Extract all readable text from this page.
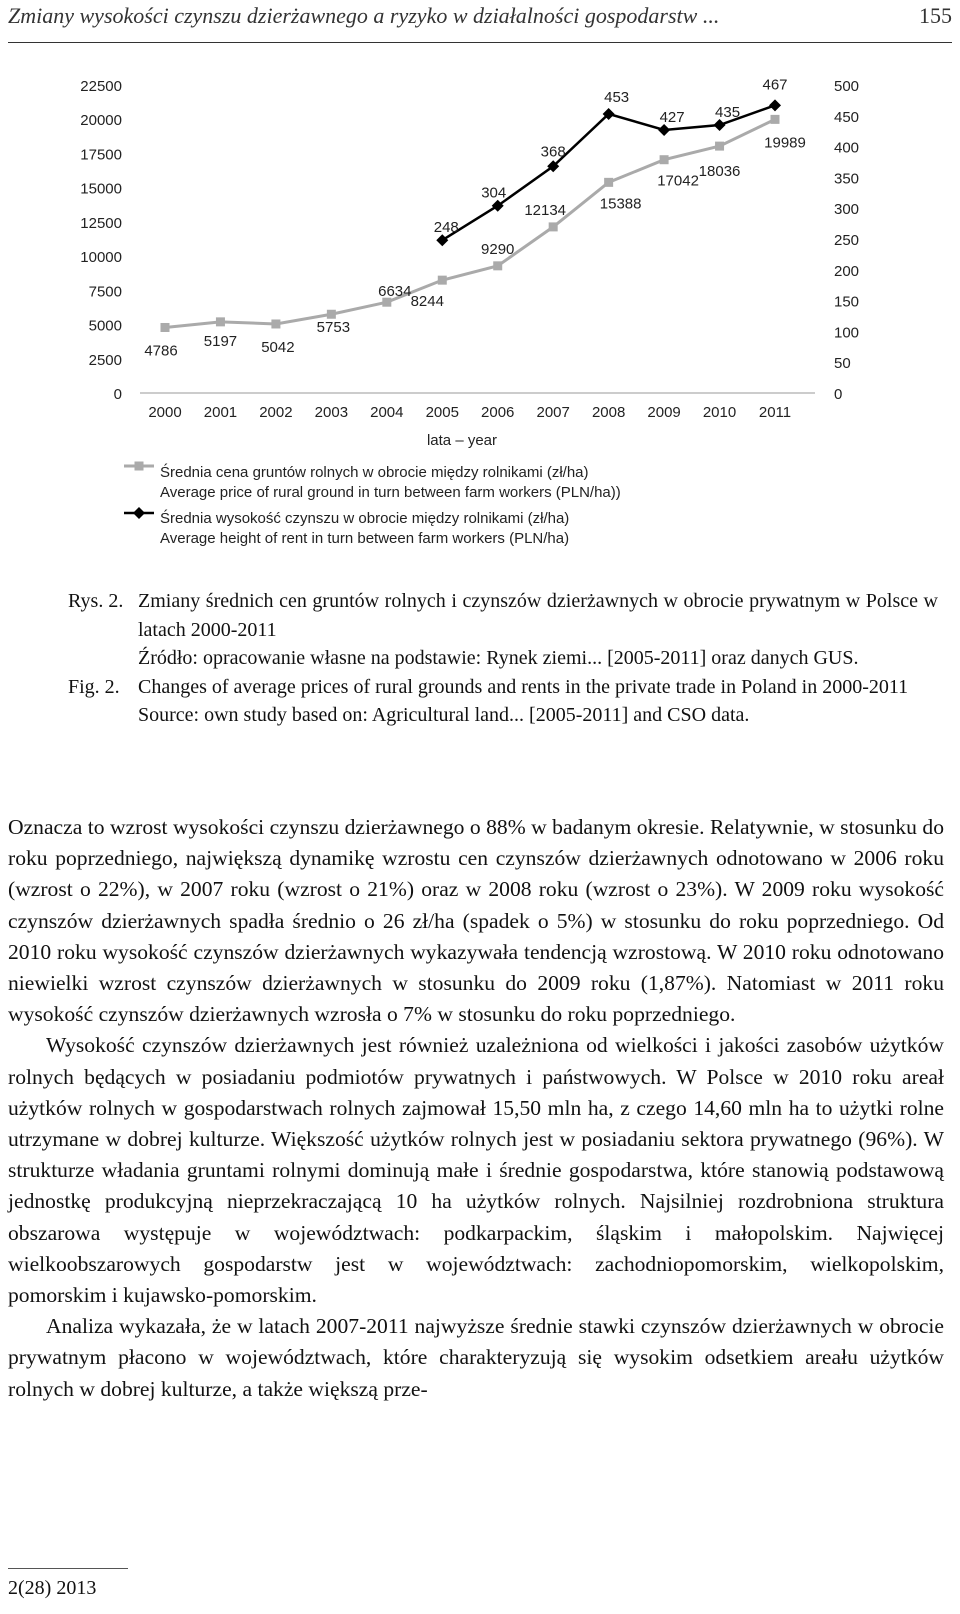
Zmiany wysokości czynszu dzierżawnego a ryzyko w działalności gospodarstw ...	155
0
2500
5000
7500
10000
12500
15000
17500
20000
22500
0
50
100
150
200
250
300
350
400
450
500
2000 2001 2002 2003 2004 2005 2006 2007 2008 2009 2010 2011
lata – year
4786
5197 5042
5753
6634
8244
9290
12134 15388
17042
18036
19989
248
304
368
453
427 435
467
Średnia cena gruntów rolnych w obrocie między rolnikami (zł/ha)
Average price of rural ground in turn between farm workers (PLN/ha))
Średnia wysokość czynszu w obrocie między rolnikami (zł/ha)
Average height of rent in turn between farm workers (PLN/ha)
Rys. 2. Zmiany średnich cen gruntów rolnych i czynszów dzierżawnych w obrocie prywatnym w Polsce w latach 2000-2011
Źródło: opracowanie własne na podstawie: Rynek ziemi... [2005-2011] oraz danych GUS.
Fig. 2. Changes of average prices of rural grounds and rents in the private trade in Poland in 2000-2011
Source: own study based on: Agricultural land... [2005-2011] and CSO data.

Oznacza to wzrost wysokości czynszu dzierżawnego o 88% w badanym okresie. Relatywnie, w stosunku do roku poprzedniego, największą dynamikę wzrostu cen czynszów dzierżawnych odnotowano w 2006 roku (wzrost o 22%), w 2007 roku (wzrost o 21%) oraz w 2008 roku (wzrost o 23%). W 2009 roku wysokość czynszów dzierżawnych spadła średnio o 26 zł/ha (spadek o 5%) w stosunku do roku poprzedniego. Od 2010 roku wysokość czynszów dzierżawnych wykazywała tendencją wzrostową. W 2010 roku odnotowano niewielki wzrost czynszów dzierżawnych w stosunku do 2009 roku (1,87%). Natomiast w 2011 roku wysokość czynszów dzierżawnych wzrosła o 7% w stosunku do roku poprzedniego.

Wysokość czynszów dzierżawnych jest również uzależniona od wielkości i jakości zasobów użytków rolnych będących w posiadaniu podmiotów prywatnych i państwowych. W Polsce w 2010 roku areał użytków rolnych w gospodarstwach rolnych zajmował 15,50 mln ha, z czego 14,60 mln ha to użytki rolne utrzymane w dobrej kulturze. Większość użytków rolnych jest w posiadaniu sektora prywatnego (96%). W strukturze władania gruntami rolnymi dominują małe i średnie gospodarstwa, które stanowią podstawową jednostkę produkcyjną nieprzekraczającą 10 ha użytków rolnych. Najsilniej rozdrobniona struktura obszarowa występuje w województwach: podkarpackim, śląskim i małopolskim. Najwięcej wielkoobszarowych gospodarstw jest w województwach: zachodniopomorskim, wielkopolskim, pomorskim i kujawsko-pomorskim.

Analiza wykazała, że w latach 2007-2011 najwyższe średnie stawki czynszów dzierżawnych w obrocie prywatnym płacono w województwach, które charakteryzują się wysokim odsetkiem areału użytków rolnych w dobrej kulturze, a także większą prze-

2(28) 2013
